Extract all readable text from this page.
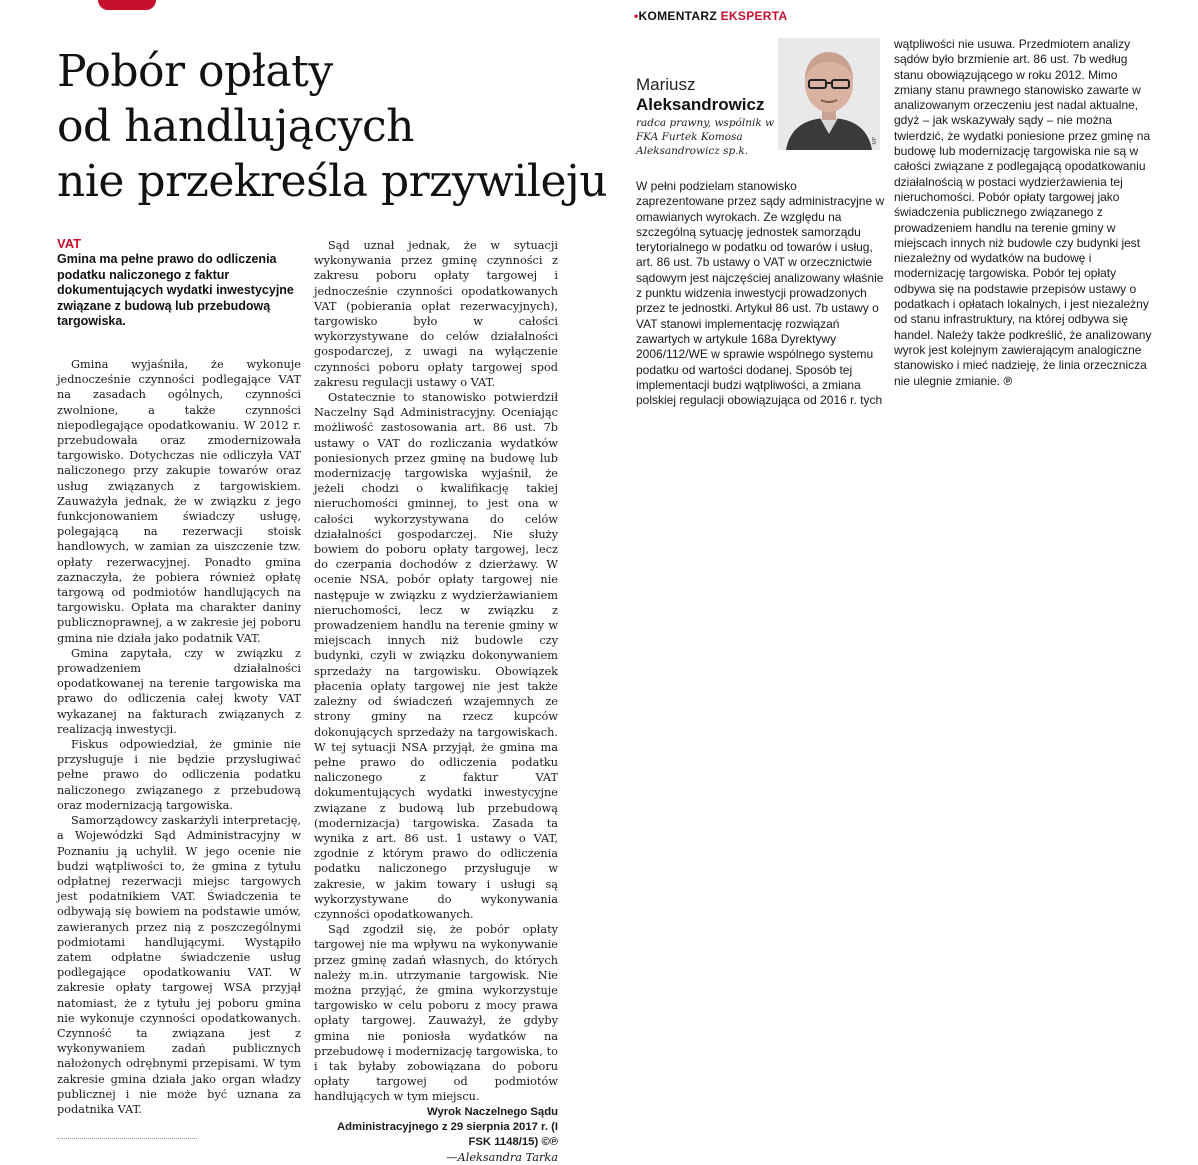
Pobór opłaty
od handlujących
nie przekreśla przywileju
VAT
Gmina ma pełne prawo do odliczenia podatku naliczonego z faktur dokumentujących wydatki inwestycyjne związane z budową lub przebudową targowiska.

Gmina wyjaśniła, że wykonuje jednocześnie czynności podlegające VAT na zasadach ogólnych, czynności zwolnione, a także czynności niepodlegające opodatkowaniu. W 2012 r. przebudowała oraz zmodernizowała targowisko. Dotychczas nie odliczyła VAT naliczonego przy zakupie towarów oraz usług związanych z targowiskiem. Zauważyła jednak, że w związku z jego funkcjonowaniem świadczy usługę, polegającą na rezerwacji stoisk handlowych, w zamian za uiszczenie tzw. opłaty rezerwacyjnej. Ponadto gmina zaznaczyła, że pobiera również opłatę targową od podmiotów handlujących na targowisku. Opłata ma charakter daniny publicznoprawnej, a w zakresie jej poboru gmina nie działa jako podatnik VAT.

Gmina zapytała, czy w związku z prowadzeniem działalności opodatkowanej na terenie targowiska ma prawo do odliczenia całej kwoty VAT wykazanej na fakturach związanych z realizacją inwestycji.

Fiskus odpowiedział, że gminie nie przysługuje i nie będzie przysługiwać pełne prawo do odliczenia podatku naliczonego związanego z przebudową oraz modernizacją targowiska.

Samorządowcy zaskarżyli interpretację, a Wojewódzki Sąd Administracyjny w Poznaniu ją uchylił. W jego ocenie nie budzi wątpliwości to, że gmina z tytułu odpłatnej rezerwacji miejsc targowych jest podatnikiem VAT. Świadczenia te odbywają się bowiem na podstawie umów, zawieranych przez nią z poszczególnymi podmiotami handlującymi. Wystąpiło zatem odpłatne świadczenie usług podlegające opodatkowaniu VAT. W zakresie opłaty targowej WSA przyjął natomiast, że z tytułu jej poboru gmina nie wykonuje czynności opodatkowanych. Czynność ta związana jest z wykonywaniem zadań publicznych nałożonych odrębnymi przepisami. W tym zakresie gmina działa jako organ władzy publicznej i nie może być uznana za podatnika VAT.

Sąd uznał jednak, że w sytuacji wykonywania przez gminę czynności z zakresu poboru opłaty targowej i jednocześnie czynności opodatkowanych VAT (pobierania opłat rezerwacyjnych), targowisko było w całości wykorzystywane do celów działalności gospodarczej, z uwagi na wyłączenie czynności poboru opłaty targowej spod zakresu regulacji ustawy o VAT.

Ostatecznie to stanowisko potwierdził Naczelny Sąd Administracyjny. Oceniając możliwość zastosowania art. 86 ust. 7b ustawy o VAT do rozliczania wydatków poniesionych przez gminę na budowę lub modernizację targowiska wyjaśnił, że jeżeli chodzi o kwalifikację takiej nieruchomości gminnej, to jest ona w całości wykorzystywana do celów działalności gospodarczej. Nie służy bowiem do poboru opłaty targowej, lecz do czerpania dochodów z dzierżawy. W ocenie NSA, pobór opłaty targowej nie następuje w związku z wydzierżawianiem nieruchomości, lecz w związku z prowadzeniem handlu na terenie gminy w miejscach innych niż budowle czy budynki, czyli w związku dokonywaniem sprzedaży na targowisku. Obowiązek płacenia opłaty targowej nie jest także zależny od świadczeń wzajemnych ze strony gminy na rzecz kupców dokonujących sprzedaży na targowiskach. W tej sytuacji NSA przyjął, że gmina ma pełne prawo do odliczenia podatku naliczonego z faktur VAT dokumentujących wydatki inwestycyjne związane z budową lub przebudową (modernizacja) targowiska. Zasada ta wynika z art. 86 ust. 1 ustawy o VAT, zgodnie z którym prawo do odliczenia podatku naliczonego przysługuje w zakresie, w jakim towary i usługi są wykorzystywane do wykonywania czynności opodatkowanych.

Sąd zgodził się, że pobór opłaty targowej nie ma wpływu na wykonywanie przez gminę zadań własnych, do których należy m.in. utrzymanie targowisk. Nie można przyjąć, że gmina wykorzystuje targowisko w celu poboru z mocy prawa opłaty targowej. Zauważył, że gdyby gmina nie poniosła wydatków na przebudowę i modernizację targowiska, to i tak byłaby zobowiązana do poboru opłaty targowej od podmiotów handlujących w tym miejscu.

Wyrok Naczelnego Sądu Administracyjnego z 29 sierpnia 2017 r. (I FSK 1148/15) ©℗

—Aleksandra Tarka

•KOMENTARZ EKSPERTA
Mariusz
Aleksandrowicz
radca prawny, wspólnik w FKA Furtek Komosa Aleksandrowicz sp.k.
MP

W pełni podzielam stanowisko zaprezentowane przez sądy administracyjne w omawianych wyrokach. Ze względu na szczególną sytuację jednostek samorządu terytorialnego w podatku od towarów i usług, art. 86 ust. 7b ustawy o VAT w orzecznictwie sądowym jest najczęściej analizowany właśnie z punktu widzenia inwestycji prowadzonych przez te jednostki. Artykuł 86 ust. 7b ustawy o VAT stanowi implementację rozwiązań zawartych w artykule 168a Dyrektywy 2006/112/WE w sprawie wspólnego systemu podatku od wartości dodanej. Sposób tej implementacji budzi wątpliwości, a zmiana polskiej regulacji obowiązująca od 2016 r. tych

wątpliwości nie usuwa. Przedmiotem analizy sądów było brzmienie art. 86 ust. 7b według stanu obowiązującego w roku 2012. Mimo zmiany stanu prawnego stanowisko zawarte w analizowanym orzeczeniu jest nadal aktualne, gdyż – jak wskazywały sądy – nie można twierdzić, że wydatki poniesione przez gminę na budowę lub modernizację targowiska nie są w całości związane z podlegającą opodatkowaniu działalnością w postaci wydzierżawienia tej nieruchomości. Pobór opłaty targowej jako świadczenia publicznego związanego z prowadzeniem handlu na terenie gminy w miejscach innych niż budowle czy budynki jest niezależny od wydatków na budowę i modernizację targowiska. Pobór tej opłaty odbywa się na podstawie przepisów ustawy o podatkach i opłatach lokalnych, i jest niezależny od stanu infrastruktury, na której odbywa się handel. Należy także podkreślić, że analizowany wyrok jest kolejnym zawierającym analogiczne stanowisko i mieć nadzieję, że linia orzecznicza nie ulegnie zmianie. ℗
